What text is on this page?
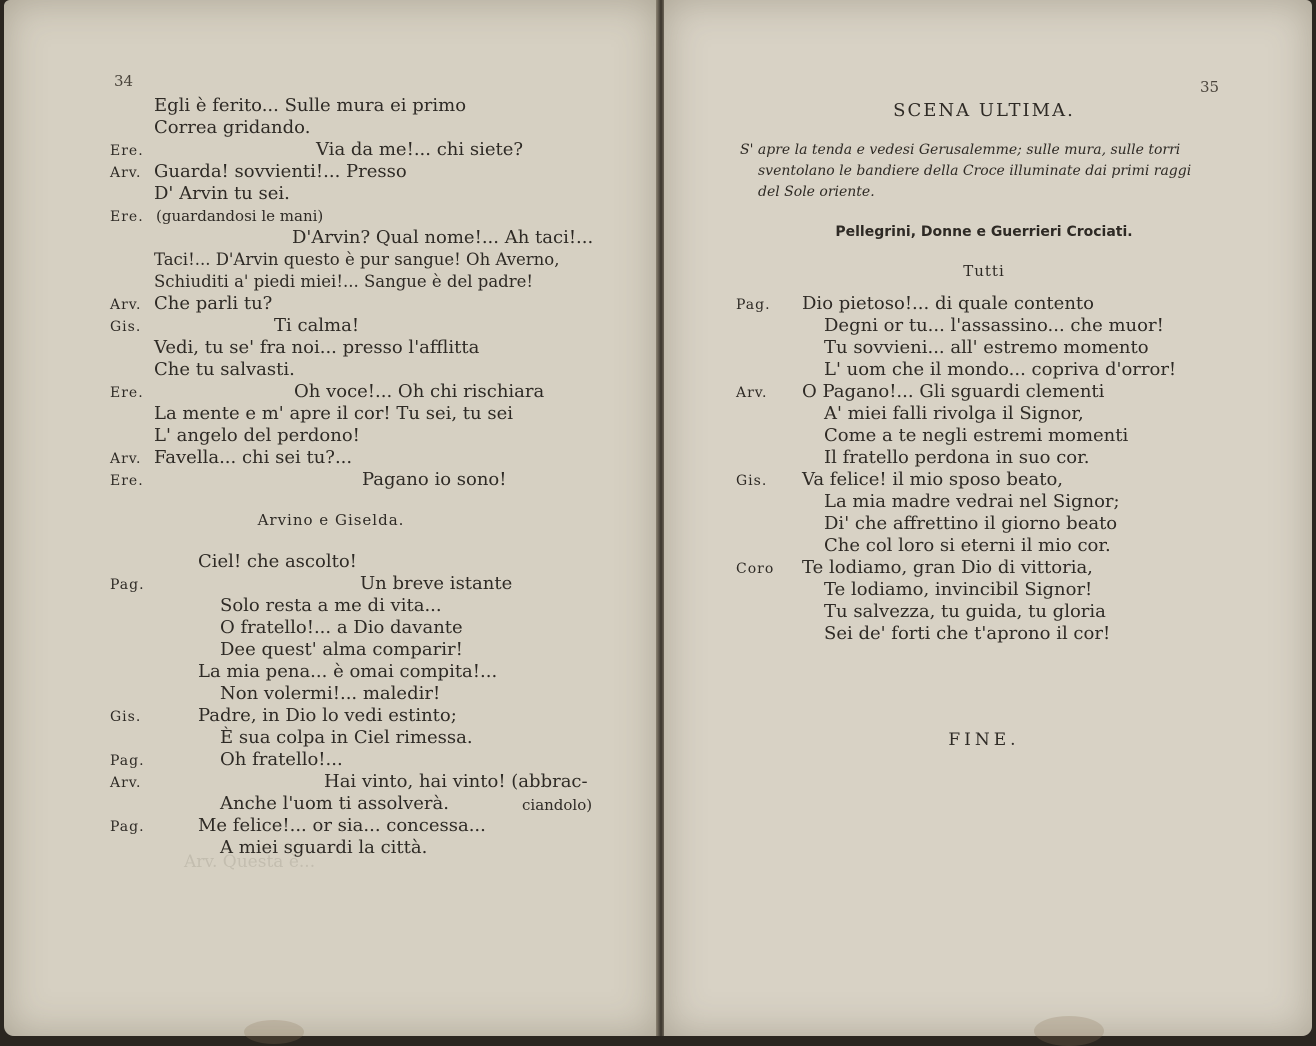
34
Arv. Questa è...
Egli è ferito... Sulle mura ei primo
Correa gridando.
Ere.	Via da me!... chi siete?
Arv. Guarda! sovvienti!... Presso
D' Arvin tu sei.
Ere. (guardandosi le mani)
D'Arvin? Qual nome!... Ah taci!...
Taci!... D'Arvin questo è pur sangue! Oh Averno,
Schiuditi a' piedi miei!... Sangue è del padre!
Arv. Che parli tu?
Gis.	Ti calma!
Vedi, tu se' fra noi... presso l'afflitta
Che tu salvasti.
Ere.	Oh voce!... Oh chi rischiara
La mente e m' apre il cor! Tu sei, tu sei
L' angelo del perdono!
Arv. Favella... chi sei tu?...
Ere.	Pagano io sono!
Arvino e Giselda.
Ciel! che ascolto!
Pag.	Un breve istante
Solo resta a me di vita...
O fratello!... a Dio davante
Dee quest' alma comparir!
La mia pena... è omai compita!...
Non volermi!... maledir!
Gis.	Padre, in Dio lo vedi estinto;
È sua colpa in Ciel rimessa.
Pag.	Oh fratello!...
Arv.	Hai vinto, hai vinto! (abbrac-
Anche l'uom ti assolverà.	ciandolo)
Pag.	Me felice!... or sia... concessa...
A miei sguardi la città.
35
SCENA ULTIMA.
S' apre la tenda e vedesi Gerusalemme; sulle mura, sulle torri
sventolano le bandiere della Croce illuminate dai primi raggi
del Sole oriente.
Pellegrini, Donne e Guerrieri Crociati.
Tutti
Pag. Dio pietoso!... di quale contento
Degni or tu... l'assassino... che muor!
Tu sovvieni... all' estremo momento
L' uom che il mondo... copriva d'orror!
Arv. O Pagano!... Gli sguardi clementi
A' miei falli rivolga il Signor,
Come a te negli estremi momenti
Il fratello perdona in suo cor.
Gis. Va felice! il mio sposo beato,
La mia madre vedrai nel Signor;
Di' che affrettino il giorno beato
Che col loro si eterni il mio cor.
Coro Te lodiamo, gran Dio di vittoria,
Te lodiamo, invincibil Signor!
Tu salvezza, tu guida, tu gloria
Sei de' forti che t'aprono il cor!
FINE.
